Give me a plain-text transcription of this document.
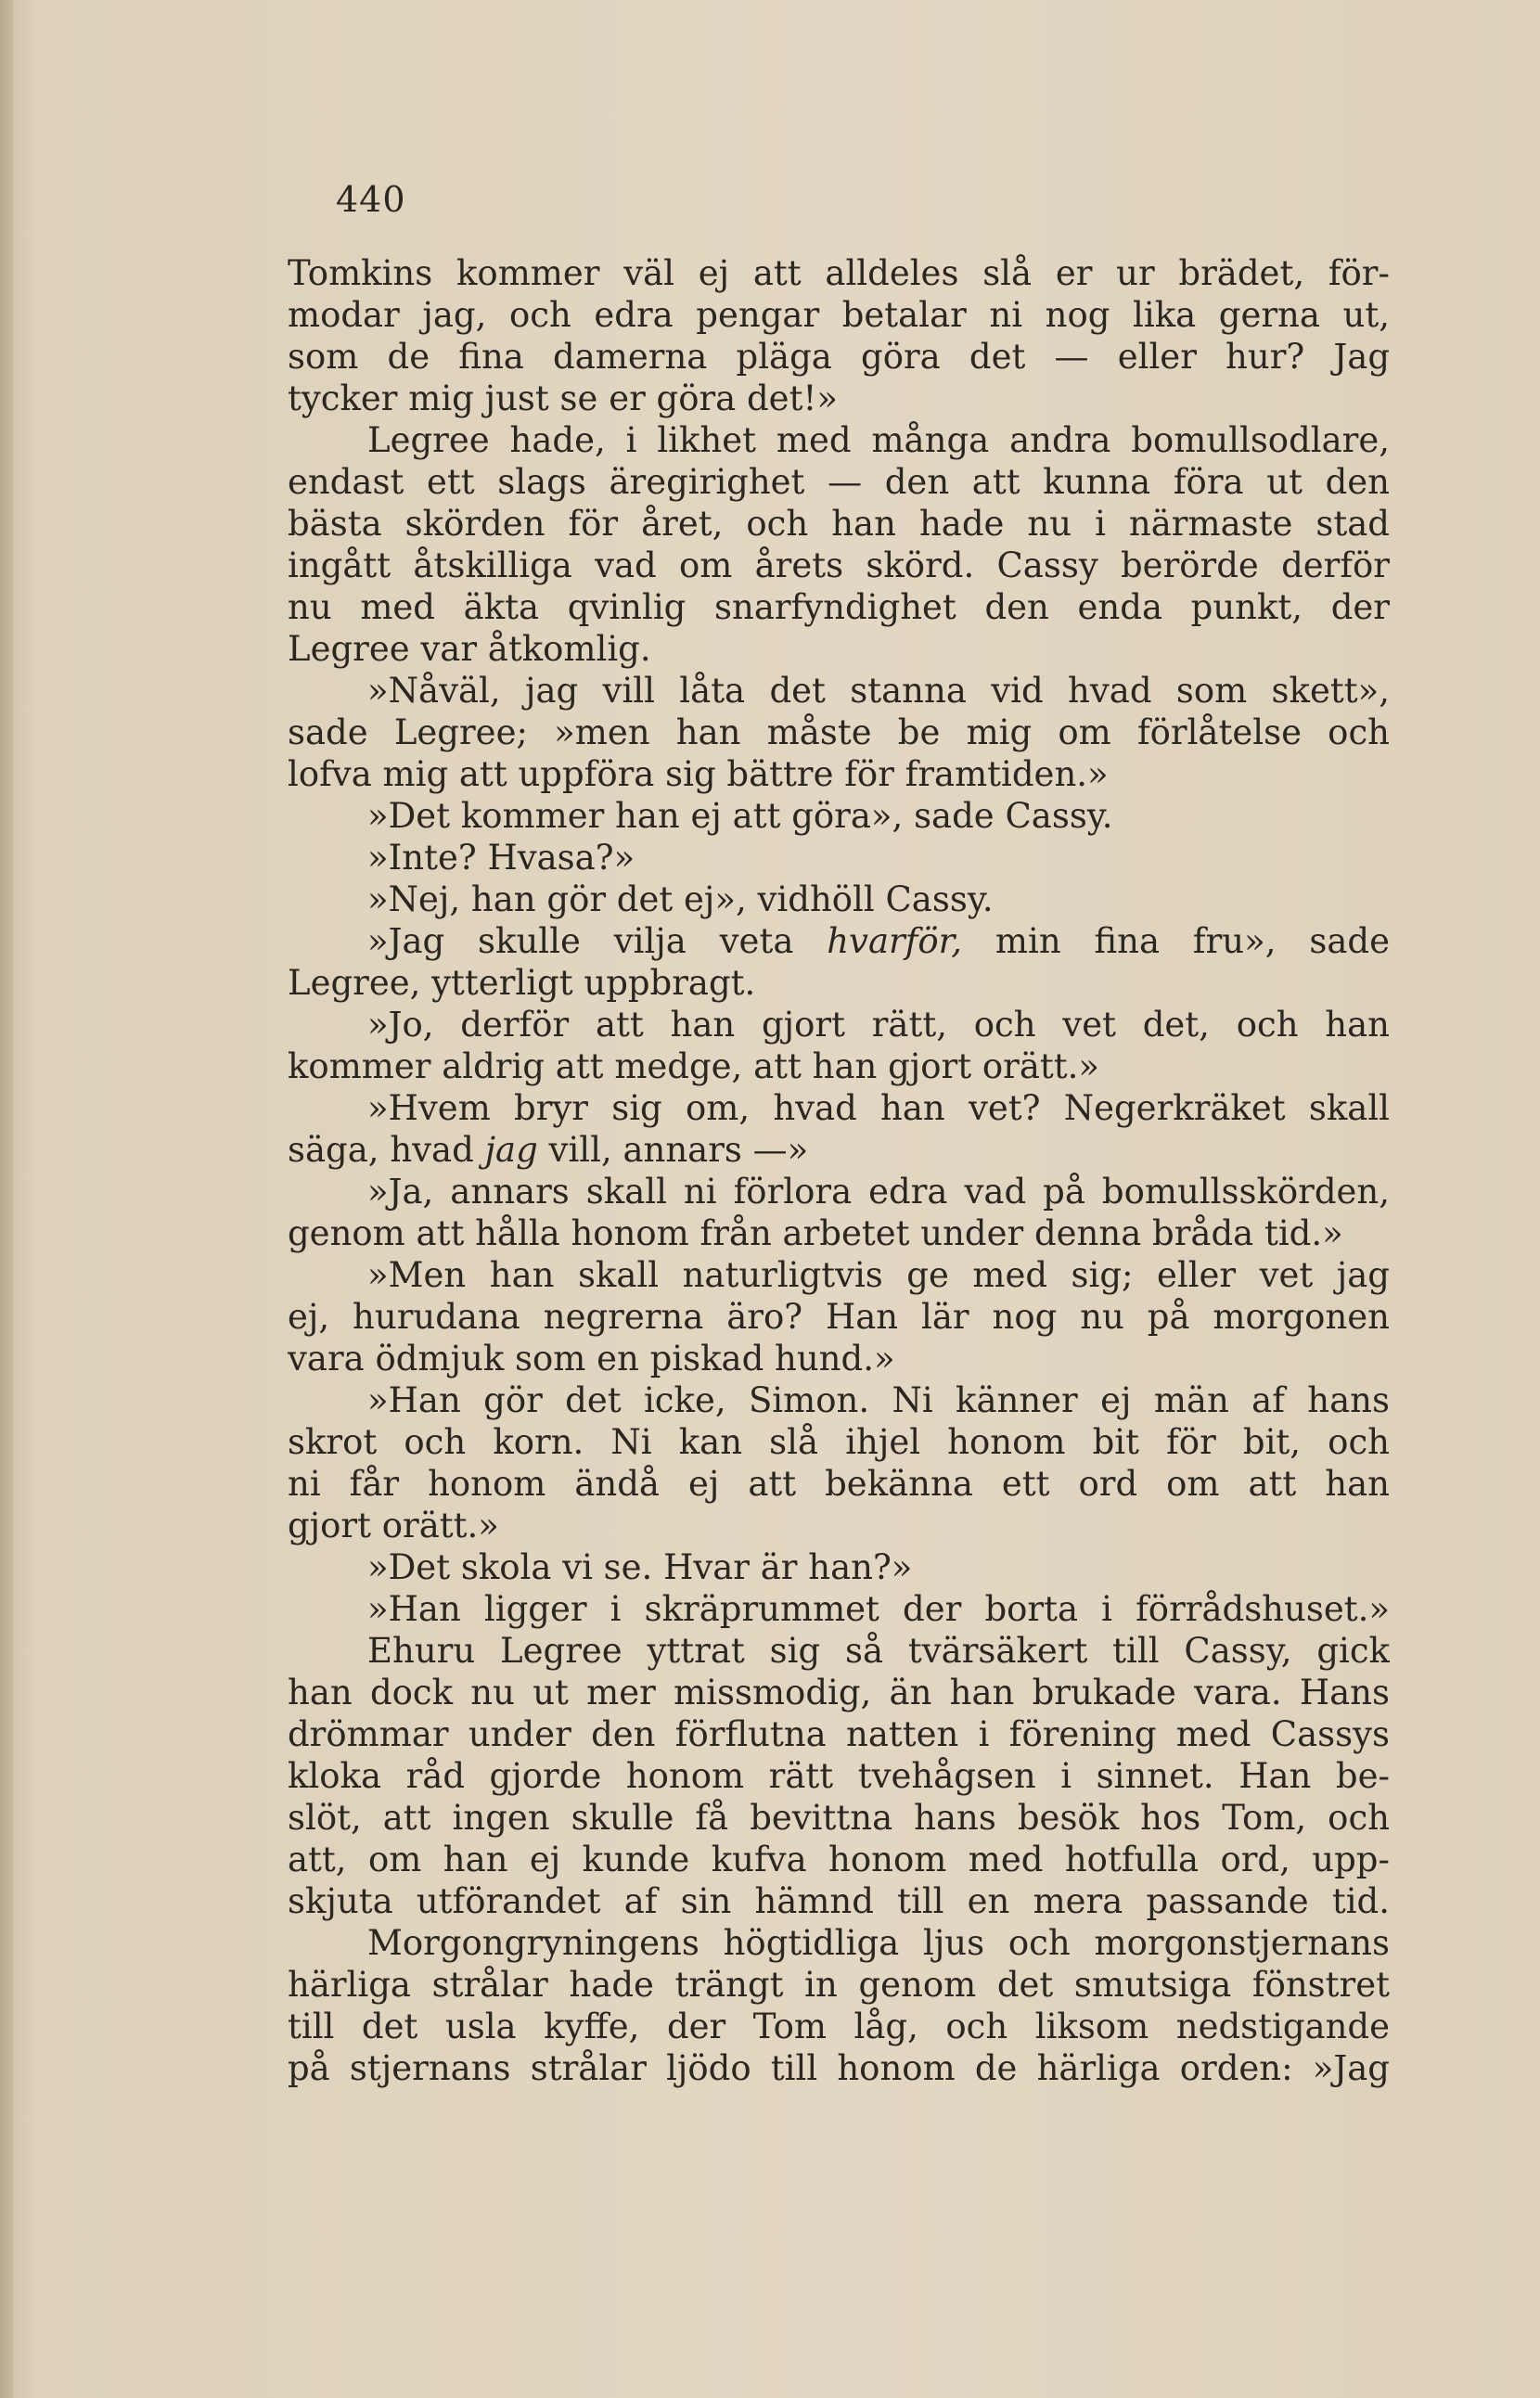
440
Tomkins kommer väl ej att alldeles slå er ur brädet, för-
modar jag, och edra pengar betalar ni nog lika gerna ut,
som de fina damerna pläga göra det — eller hur? Jag
tycker mig just se er göra det!»
Legree hade, i likhet med många andra bomullsodlare,
endast ett slags äregirighet — den att kunna föra ut den
bästa skörden för året, och han hade nu i närmaste stad
ingått åtskilliga vad om årets skörd. Cassy berörde derför
nu med äkta qvinlig snarfyndighet den enda punkt, der
Legree var åtkomlig.
»Nåväl, jag vill låta det stanna vid hvad som skett»,
sade Legree; »men han måste be mig om förlåtelse och
lofva mig att uppföra sig bättre för framtiden.»
»Det kommer han ej att göra», sade Cassy.
»Inte? Hvasa?»
»Nej, han gör det ej», vidhöll Cassy.
»Jag skulle vilja veta hvarför, min fina fru», sade
Legree, ytterligt uppbragt.
»Jo, derför att han gjort rätt, och vet det, och han
kommer aldrig att medge, att han gjort orätt.»
»Hvem bryr sig om, hvad han vet? Negerkräket skall
säga, hvad jag vill, annars —»
»Ja, annars skall ni förlora edra vad på bomullsskörden,
genom att hålla honom från arbetet under denna bråda tid.»
»Men han skall naturligtvis ge med sig; eller vet jag
ej, hurudana negrerna äro? Han lär nog nu på morgonen
vara ödmjuk som en piskad hund.»
»Han gör det icke, Simon. Ni känner ej män af hans
skrot och korn. Ni kan slå ihjel honom bit för bit, och
ni får honom ändå ej att bekänna ett ord om att han
gjort orätt.»
»Det skola vi se. Hvar är han?»
»Han ligger i skräprummet der borta i förrådshuset.»
Ehuru Legree yttrat sig så tvärsäkert till Cassy, gick
han dock nu ut mer missmodig, än han brukade vara. Hans
drömmar under den förflutna natten i förening med Cassys
kloka råd gjorde honom rätt tvehågsen i sinnet. Han be-
slöt, att ingen skulle få bevittna hans besök hos Tom, och
att, om han ej kunde kufva honom med hotfulla ord, upp-
skjuta utförandet af sin hämnd till en mera passande tid.
Morgongryningens högtidliga ljus och morgonstjernans
härliga strålar hade trängt in genom det smutsiga fönstret
till det usla kyffe, der Tom låg, och liksom nedstigande
på stjernans strålar ljödo till honom de härliga orden: »Jag
